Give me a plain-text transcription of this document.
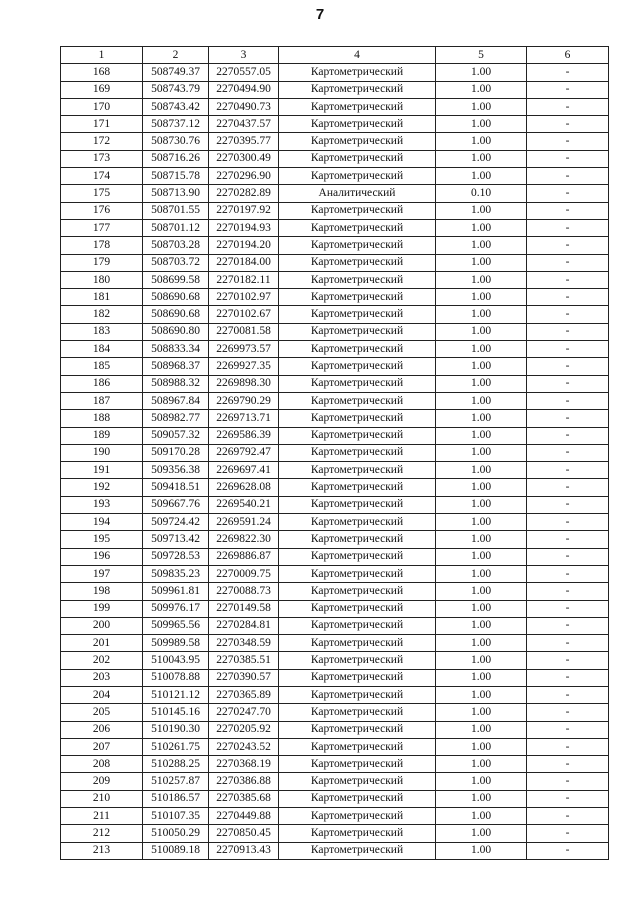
7
1	2	3	4	5	6
168	508749.37	2270557.05	Картометрический	1.00	-
169	508743.79	2270494.90	Картометрический	1.00	-
170	508743.42	2270490.73	Картометрический	1.00	-
171	508737.12	2270437.57	Картометрический	1.00	-
172	508730.76	2270395.77	Картометрический	1.00	-
173	508716.26	2270300.49	Картометрический	1.00	-
174	508715.78	2270296.90	Картометрический	1.00	-
175	508713.90	2270282.89	Аналитический	0.10	-
176	508701.55	2270197.92	Картометрический	1.00	-
177	508701.12	2270194.93	Картометрический	1.00	-
178	508703.28	2270194.20	Картометрический	1.00	-
179	508703.72	2270184.00	Картометрический	1.00	-
180	508699.58	2270182.11	Картометрический	1.00	-
181	508690.68	2270102.97	Картометрический	1.00	-
182	508690.68	2270102.67	Картометрический	1.00	-
183	508690.80	2270081.58	Картометрический	1.00	-
184	508833.34	2269973.57	Картометрический	1.00	-
185	508968.37	2269927.35	Картометрический	1.00	-
186	508988.32	2269898.30	Картометрический	1.00	-
187	508967.84	2269790.29	Картометрический	1.00	-
188	508982.77	2269713.71	Картометрический	1.00	-
189	509057.32	2269586.39	Картометрический	1.00	-
190	509170.28	2269792.47	Картометрический	1.00	-
191	509356.38	2269697.41	Картометрический	1.00	-
192	509418.51	2269628.08	Картометрический	1.00	-
193	509667.76	2269540.21	Картометрический	1.00	-
194	509724.42	2269591.24	Картометрический	1.00	-
195	509713.42	2269822.30	Картометрический	1.00	-
196	509728.53	2269886.87	Картометрический	1.00	-
197	509835.23	2270009.75	Картометрический	1.00	-
198	509961.81	2270088.73	Картометрический	1.00	-
199	509976.17	2270149.58	Картометрический	1.00	-
200	509965.56	2270284.81	Картометрический	1.00	-
201	509989.58	2270348.59	Картометрический	1.00	-
202	510043.95	2270385.51	Картометрический	1.00	-
203	510078.88	2270390.57	Картометрический	1.00	-
204	510121.12	2270365.89	Картометрический	1.00	-
205	510145.16	2270247.70	Картометрический	1.00	-
206	510190.30	2270205.92	Картометрический	1.00	-
207	510261.75	2270243.52	Картометрический	1.00	-
208	510288.25	2270368.19	Картометрический	1.00	-
209	510257.87	2270386.88	Картометрический	1.00	-
210	510186.57	2270385.68	Картометрический	1.00	-
211	510107.35	2270449.88	Картометрический	1.00	-
212	510050.29	2270850.45	Картометрический	1.00	-
213	510089.18	2270913.43	Картометрический	1.00	-
